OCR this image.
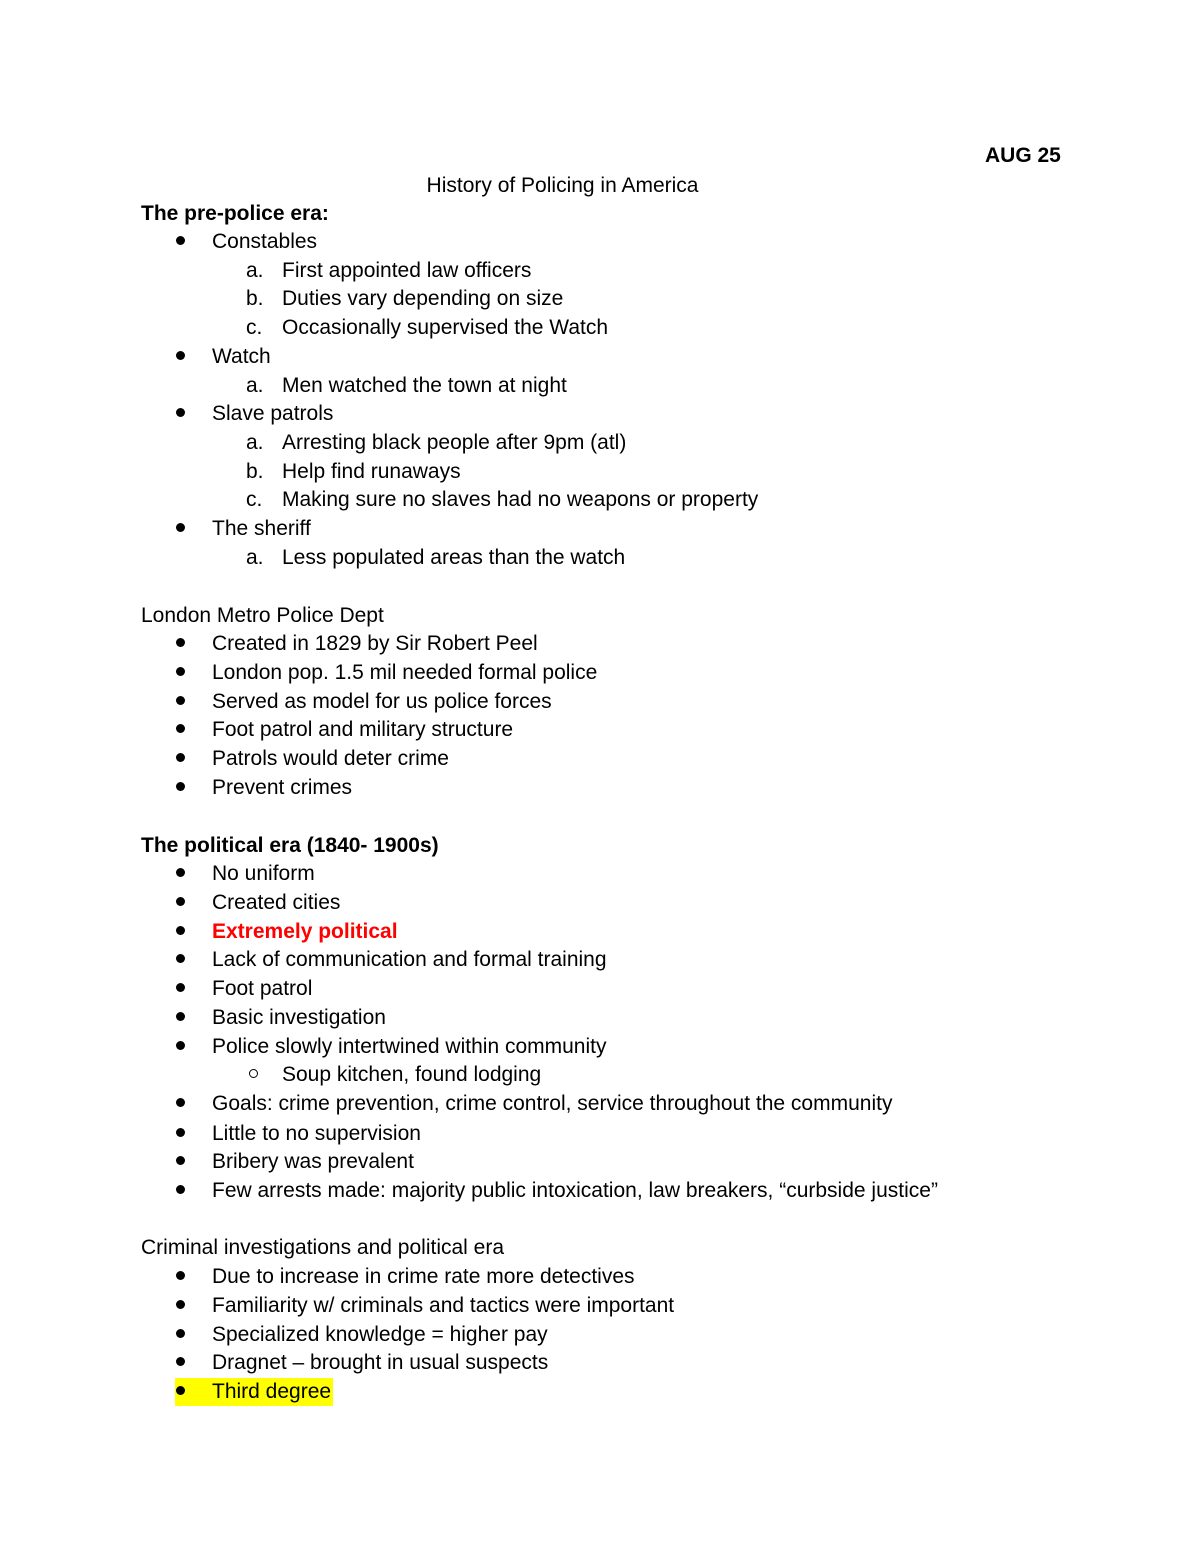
AUG 25
History of Policing in America
The pre-police era:
Constables
a. First appointed law officers
b. Duties vary depending on size
c. Occasionally supervised the Watch
Watch
a. Men watched the town at night
Slave patrols
a. Arresting black people after 9pm (atl)
b. Help find runaways
c. Making sure no slaves had no weapons or property
The sheriff
a. Less populated areas than the watch
London Metro Police Dept
Created in 1829 by Sir Robert Peel
London pop. 1.5 mil needed formal police
Served as model for us police forces
Foot patrol and military structure
Patrols would deter crime
Prevent crimes
The political era (1840- 1900s)
No uniform
Created cities
Extremely political
Lack of communication and formal training
Foot patrol
Basic investigation
Police slowly intertwined within community
Soup kitchen, found lodging
Goals: crime prevention, crime control, service throughout the community
Little to no supervision
Bribery was prevalent
Few arrests made: majority public intoxication, law breakers, “curbside justice”
Criminal investigations and political era
Due to increase in crime rate more detectives
Familiarity w/ criminals and tactics were important
Specialized knowledge = higher pay
Dragnet – brought in usual suspects
Third degree
